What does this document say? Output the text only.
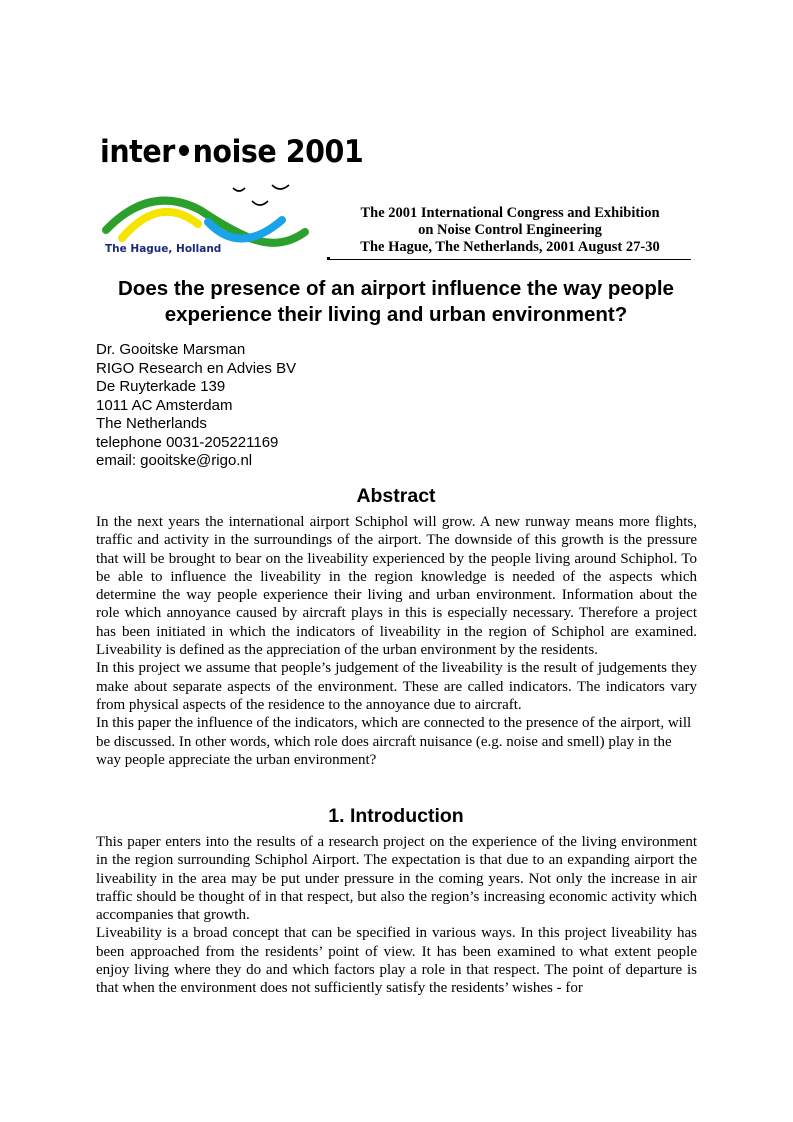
inter•noise 2001
The Hague, Holland
The 2001 International Congress and Exhibition
on Noise Control Engineering
The Hague, The Netherlands, 2001 August 27-30
Does the presence of an airport influence the way people experience their living and urban environment?
Dr. Gooitske Marsman
RIGO Research en Advies BV
De Ruyterkade 139
1011 AC Amsterdam
The Netherlands
telephone 0031-205221169
email: gooitske@rigo.nl
Abstract

In the next years the international airport Schiphol will grow. A new runway means more flights, traffic and activity in the surroundings of the airport. The downside of this growth is the pressure that will be brought to bear on the liveability experienced by the people living around Schiphol. To be able to influence the liveability in the region knowledge is needed of the aspects which determine the way people experience their living and urban environment. Information about the role which annoyance caused by aircraft plays in this is especially necessary. Therefore a project has been initiated in which the indicators of liveability in the region of Schiphol are examined. Liveability is defined as the appreciation of the urban environment by the residents.

In this project we assume that people’s judgement of the liveability is the result of judgements they make about separate aspects of the environment. These are called indicators. The indicators vary from physical aspects of the residence to the annoyance due to aircraft.

In this paper the influence of the indicators, which are connected to the presence of the airport, will be discussed. In other words, which role does aircraft nuisance (e.g. noise and smell) play in the way people appreciate the urban environment?

1. Introduction

This paper enters into the results of a research project on the experience of the living environment in the region surrounding Schiphol Airport. The expectation is that due to an expanding airport the liveability in the area may be put under pressure in the coming years. Not only the increase in air traffic should be thought of in that respect, but also the region’s increasing economic activity which accompanies that growth.

Liveability is a broad concept that can be specified in various ways. In this project liveability has been approached from the residents’ point of view. It has been examined to what extent people enjoy living where they do and which factors play a role in that respect. The point of departure is that when the environment does not sufficiently satisfy the residents’ wishes - for
